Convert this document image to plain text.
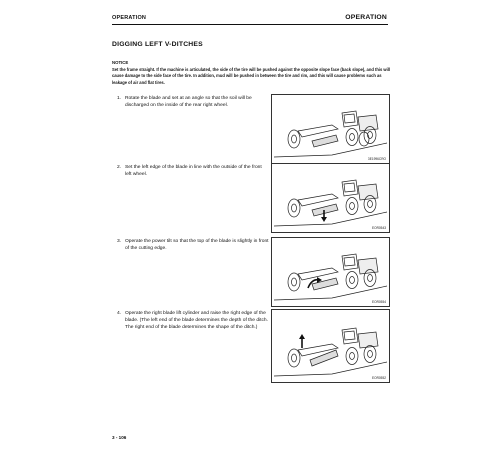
OPERATION	OPERATION
DIGGING LEFT V-DITCHES
NOTICE

Set the frame straight. If the machine is articulated, the side of the tire will be pushed against the opposite slope face (back slope), and this will cause damage to the side face of the tire. In addition, mud will be pushed in between the tire and rim, and this will cause problems such as leakage of air and flat tires.

1. Rotate the blade and set at an angle so that the soil will be discharged on the inside of the rear right wheel.
3E1996CRO
2. Set the left edge of the blade in line with the outside of the front left wheel.
EOR0543
3. Operate the power tilt so that the top of the blade is slightly in front of the cutting edge.
EOR0554
4. Operate the right blade lift cylinder and raise the right edge of the blade. (The left end of the blade determines the depth of the ditch. The right end of the blade determines the shape of the ditch.)
EOR0552
3 - 106
